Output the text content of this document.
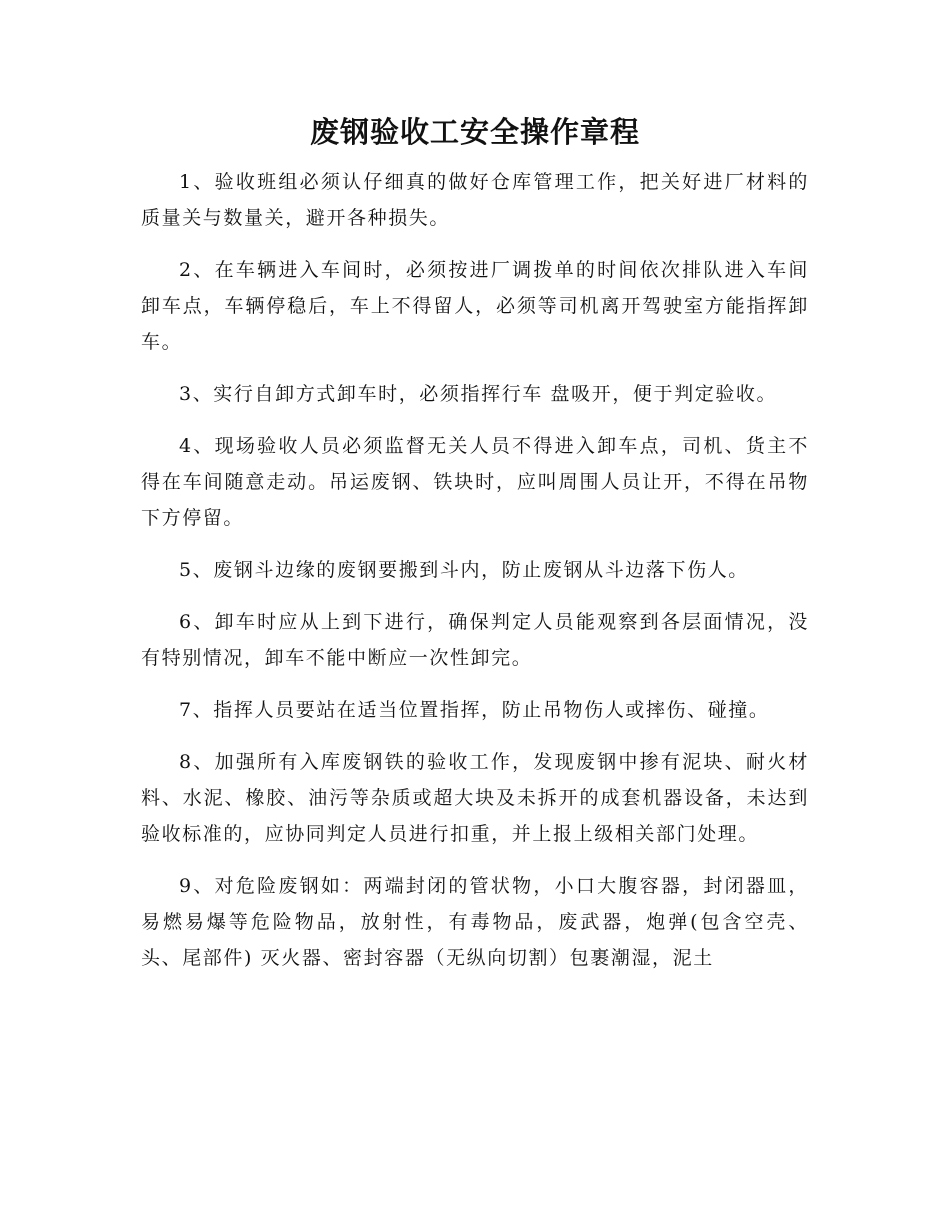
废钢验收工安全操作章程

1、验收班组必须认仔细真的做好仓库管理工作，把关好进厂材料的质量关与数量关，避开各种损失。

2、在车辆进入车间时，必须按进厂调拨单的时间依次排队进入车间卸车点，车辆停稳后，车上不得留人，必须等司机离开驾驶室方能指挥卸车。

3、实行自卸方式卸车时，必须指挥行车 盘吸开，便于判定验收。

4、现场验收人员必须监督无关人员不得进入卸车点，司机、货主不得在车间随意走动。吊运废钢、铁块时，应叫周围人员让开，不得在吊物下方停留。

5、废钢斗边缘的废钢要搬到斗内，防止废钢从斗边落下伤人。

6、卸车时应从上到下进行，确保判定人员能观察到各层面情况，没有特别情况，卸车不能中断应一次性卸完。

7、指挥人员要站在适当位置指挥，防止吊物伤人或摔伤、碰撞。

8、加强所有入库废钢铁的验收工作，发现废钢中掺有泥块、耐火材料、水泥、橡胶、油污等杂质或超大块及未拆开的成套机器设备，未达到验收标准的，应协同判定人员进行扣重，并上报上级相关部门处理。

9、对危险废钢如：两端封闭的管状物，小口大腹容器，封闭器皿，易燃易爆等危险物品，放射性，有毒物品，废武器，炮弹(包含空壳、头、尾部件) 灭火器、密封容器（无纵向切割）包裹潮湿，泥土
